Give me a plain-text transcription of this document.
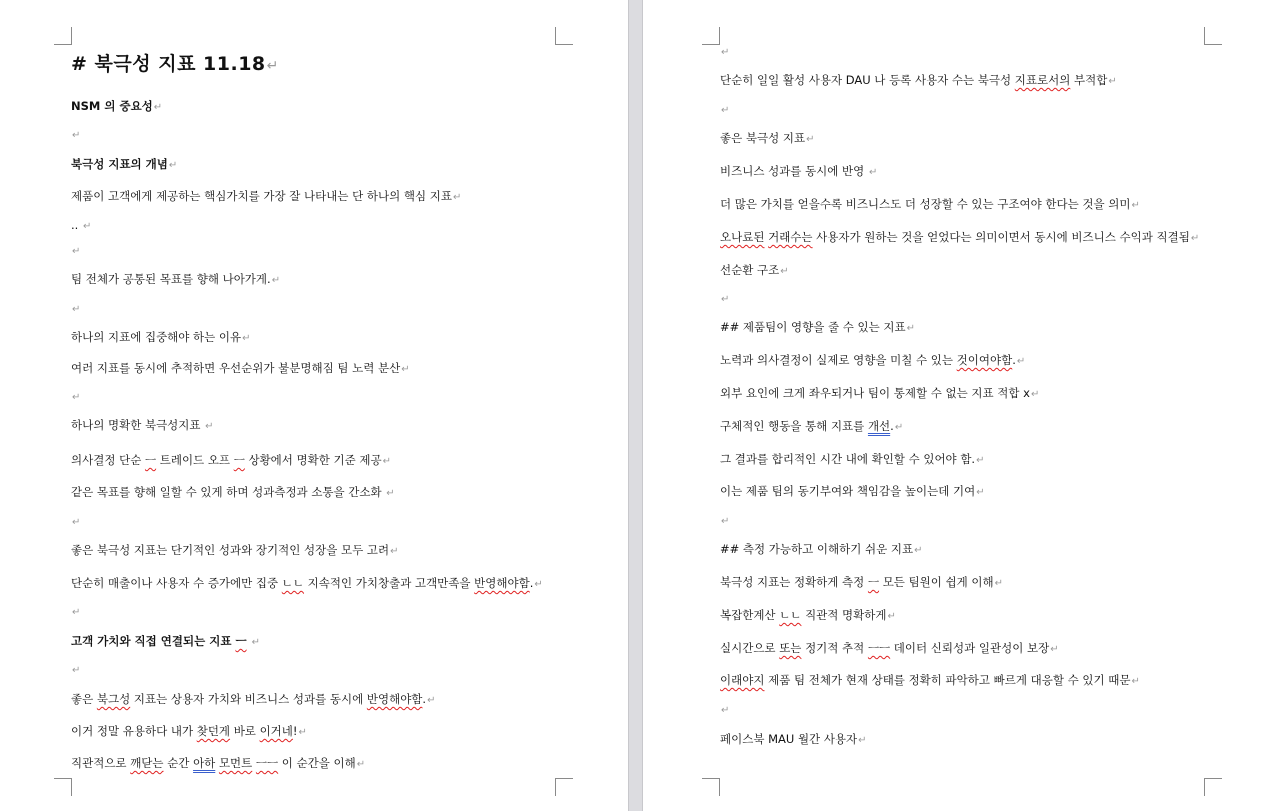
# 북극성 지표 11.18↵
NSM 의 중요성↵
↵
북극성 지표의 개념↵
제품이 고객에게 제공하는 핵심가치를 가장 잘 나타내는 단 하나의 핵심 지표↵
.. ↵
↵
팀 전체가 공통된 목표를 향해 나아가게.↵
↵
하나의 지표에 집중해야 하는 이유↵
여러 지표를 동시에 추적하면 우선순위가 불분명해짐 팀 노력 분산↵
↵
하나의 명확한 북극성지표 ↵
의사결정 단순 ㅡ 트레이드 오프 ㅡ 상황에서 명확한 기준 제공↵
같은 목표를 향해 일할 수 있게 하며 성과측정과 소통을 간소화 ↵
↵
좋은 북극성 지표는 단기적인 성과와 장기적인 성장을 모두 고려↵
단순히 매출이나 사용자 수 증가에만 집중 ㄴㄴ 지속적인 가치창출과 고객만족을 반영해야함.↵
↵
고객 가치와 직접 연결되는 지표 ㅡ ↵
↵
좋은 북그성 지표는 상용자 가치와 비즈니스 성과를 동시에 반영해야함.↵
이거 정말 유용하다 내가 찾던게 바로 이거네!↵
직관적으로 깨닫는 순간 아하 모먼트 ㅡㅡ 이 순간을 이해↵
↵
단순히 일일 활성 사용자 DAU 나 등록 사용자 수는 북극성 지표로서의 부적합↵
↵
좋은 북극성 지표↵
비즈니스 성과를 동시에 반영 ↵
더 많은 가치를 얻을수록 비즈니스도 더 성장할 수 있는 구조여야 한다는 것을 의미↵
오나료된 거래수는 사용자가 원하는 것을 얻었다는 의미이면서 동시에 비즈니스 수익과 직결됨↵
선순환 구조↵
↵
## 제품팀이 영향을 줄 수 있는 지표↵
노력과 의사결정이 실제로 영향을 미칠 수 있는 것이여야함.↵
외부 요인에 크게 좌우되거나 팀이 통제할 수 없는 지표 적합 x↵
구체적인 행동을 통해 지표를 개선.↵
그 결과를 합리적인 시간 내에 확인할 수 있어야 함.↵
이는 제품 팀의 동기부여와 책임감을 높이는데 기여↵
↵
## 측정 가능하고 이해하기 쉬운 지표↵
북극성 지표는 정확하게 측정 ㅡ 모든 팀원이 쉽게 이해↵
복잡한계산 ㄴㄴ 직관적 명확하게↵
실시간으로 또는 정기적 추적 ㅡㅡ 데이터 신뢰성과 일관성이 보장↵
이래야지 제품 팀 전체가 현재 상태를 정확히 파악하고 빠르게 대응할 수 있기 때문↵
↵
페이스북 MAU 월간 사용자↵
